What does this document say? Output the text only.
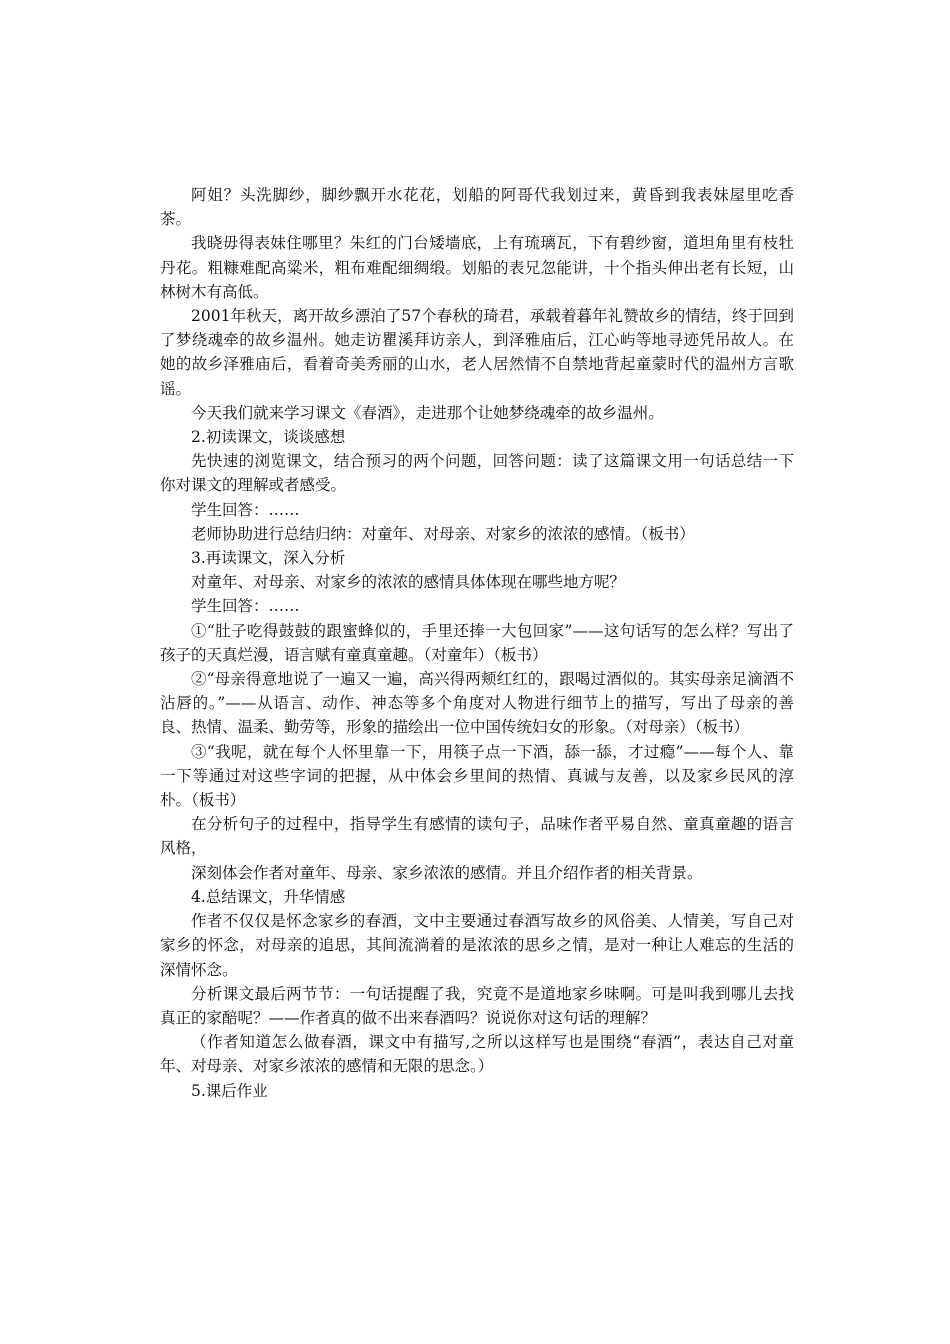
阿姐？头洗脚纱，脚纱飘开水花花，划船的阿哥代我划过来，黄昏到我表妹屋里吃香茶。

我晓毋得表妹住哪里？朱红的门台矮墙底，上有琉璃瓦，下有碧纱窗，道坦角里有枝牡丹花。粗糠难配高粱米，粗布难配细绸缎。划船的表兄忽能讲，十个指头伸出老有长短，山林树木有高低。

2001年秋天，离开故乡漂泊了57个春秋的琦君，承载着暮年礼赞故乡的情结，终于回到了梦绕魂牵的故乡温州。她走访瞿溪拜访亲人，到泽雅庙后，江心屿等地寻迹凭吊故人。在她的故乡泽雅庙后，看着奇美秀丽的山水，老人居然情不自禁地背起童蒙时代的温州方言歌谣。

今天我们就来学习课文《春酒》，走进那个让她梦绕魂牵的故乡温州。

2.初读课文，谈谈感想

先快速的浏览课文，结合预习的两个问题，回答问题：读了这篇课文用一句话总结一下你对课文的理解或者感受。

学生回答：……

老师协助进行总结归纳：对童年、对母亲、对家乡的浓浓的感情。（板书）

3.再读课文，深入分析

对童年、对母亲、对家乡的浓浓的感情具体体现在哪些地方呢？

学生回答：……

①“肚子吃得鼓鼓的跟蜜蜂似的，手里还捧一大包回家”——这句话写的怎么样？写出了孩子的天真烂漫，语言赋有童真童趣。（对童年）（板书）

②“母亲得意地说了一遍又一遍，高兴得两颊红红的，跟喝过酒似的。其实母亲足滴酒不沾唇的。”——从语言、动作、神态等多个角度对人物进行细节上的描写，写出了母亲的善良、热情、温柔、勤劳等，形象的描绘出一位中国传统妇女的形象。（对母亲）（板书）

③“我呢，就在每个人怀里靠一下，用筷子点一下酒，舔一舔，才过瘾”——每个人、靠一下等通过对这些字词的把握，从中体会乡里间的热情、真诚与友善，以及家乡民风的淳朴。（板书）

在分析句子的过程中，指导学生有感情的读句子，品味作者平易自然、童真童趣的语言风格，

深刻体会作者对童年、母亲、家乡浓浓的感情。并且介绍作者的相关背景。

4.总结课文，升华情感

作者不仅仅是怀念家乡的春酒，文中主要通过春酒写故乡的风俗美、人情美，写自己对家乡的怀念，对母亲的追思，其间流淌着的是浓浓的思乡之情，是对一种让人难忘的生活的深情怀念。

分析课文最后两节节：一句话提醒了我，究竟不是道地家乡味啊。可是叫我到哪儿去找真正的家醅呢？——作者真的做不出来春酒吗？说说你对这句话的理解？

（作者知道怎么做春酒，课文中有描写,之所以这样写也是围绕“春酒”，表达自己对童年、对母亲、对家乡浓浓的感情和无限的思念。）

5.课后作业
